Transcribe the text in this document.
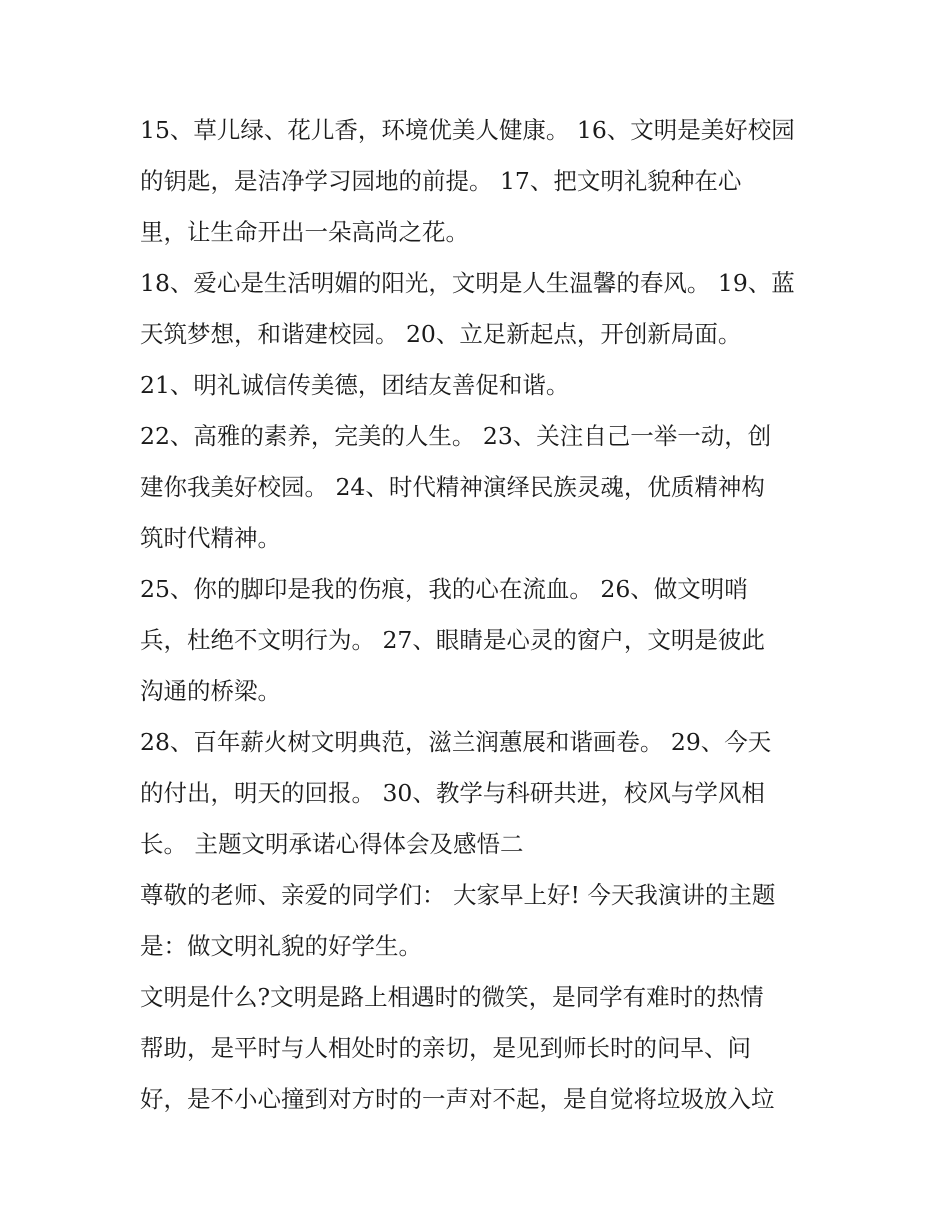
15、草儿绿、花儿香，环境优美人健康。 16、文明是美好校园
的钥匙，是洁净学习园地的前提。 17、把文明礼貌种在心
里，让生命开出一朵高尚之花。
18、爱心是生活明媚的阳光，文明是人生温馨的春风。 19、蓝
天筑梦想，和谐建校园。 20、立足新起点，开创新局面。
21、明礼诚信传美德，团结友善促和谐。
22、高雅的素养，完美的人生。 23、关注自己一举一动，创
建你我美好校园。 24、时代精神演绎民族灵魂，优质精神构
筑时代精神。
25、你的脚印是我的伤痕，我的心在流血。 26、做文明哨
兵，杜绝不文明行为。 27、眼睛是心灵的窗户，文明是彼此
沟通的桥梁。
28、百年薪火树文明典范，滋兰润蕙展和谐画卷。 29、今天
的付出，明天的回报。 30、教学与科研共进，校风与学风相
长。 主题文明承诺心得体会及感悟二
尊敬的老师、亲爱的同学们： 大家早上好! 今天我演讲的主题
是：做文明礼貌的好学生。
文明是什么?文明是路上相遇时的微笑，是同学有难时的热情
帮助，是平时与人相处时的亲切，是见到师长时的问早、问
好，是不小心撞到对方时的一声对不起，是自觉将垃圾放入垃
